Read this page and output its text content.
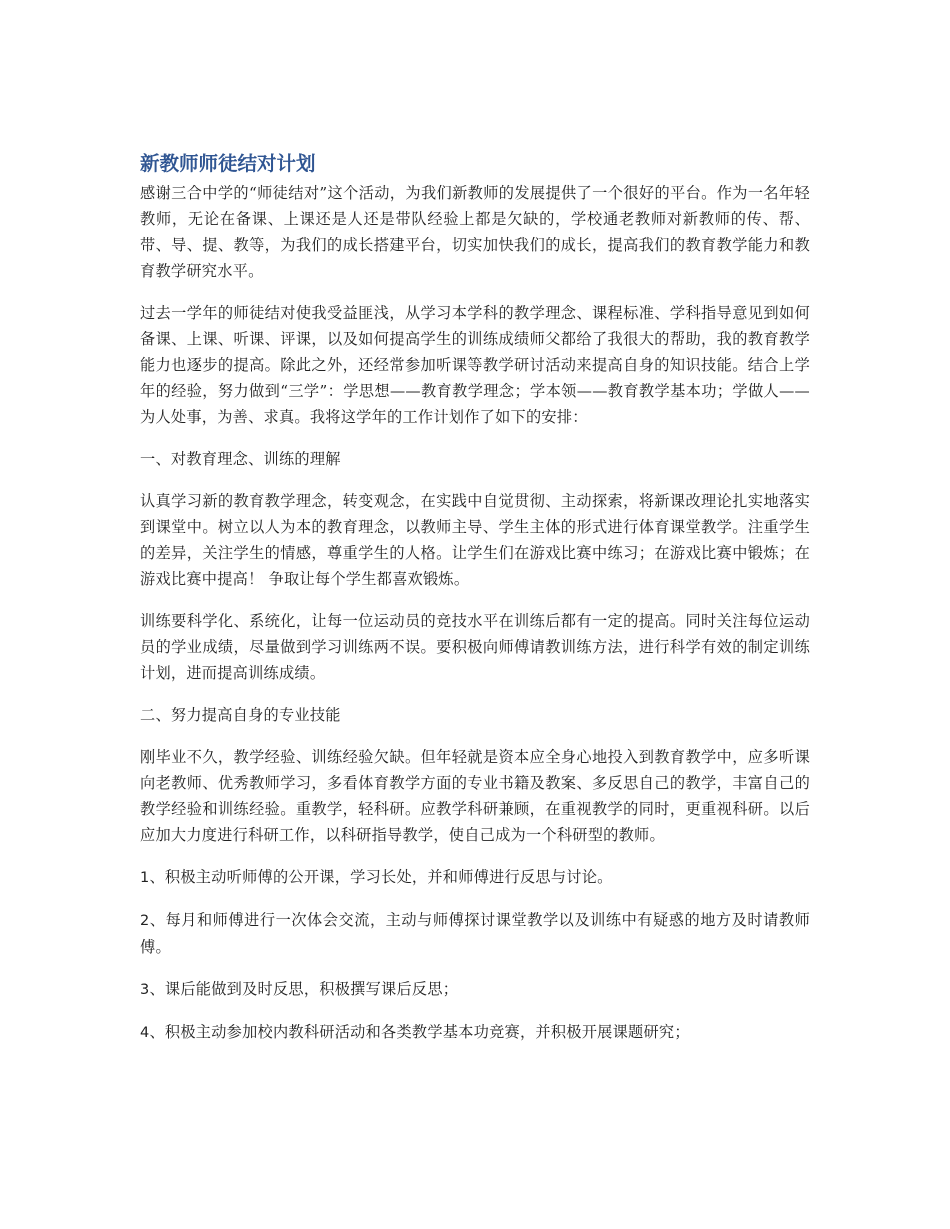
新教师师徒结对计划

感谢三合中学的“师徒结对”这个活动，为我们新教师的发展提供了一个很好的平台。作为一名年轻教师，无论在备课、上课还是人还是带队经验上都是欠缺的，学校通老教师对新教师的传、帮、带、导、提、教等，为我们的成长搭建平台，切实加快我们的成长，提高我们的教育教学能力和教育教学研究水平。

过去一学年的师徒结对使我受益匪浅，从学习本学科的教学理念、课程标准、学科指导意见到如何备课、上课、听课、评课，以及如何提高学生的训练成绩师父都给了我很大的帮助，我的教育教学能力也逐步的提高。除此之外，还经常参加听课等教学研讨活动来提高自身的知识技能。结合上学年的经验，努力做到“三学”：学思想——教育教学理念；学本领——教育教学基本功；学做人——为人处事，为善、求真。我将这学年的工作计划作了如下的安排：

一、对教育理念、训练的理解

认真学习新的教育教学理念，转变观念，在实践中自觉贯彻、主动探索，将新课改理论扎实地落实到课堂中。树立以人为本的教育理念，以教师主导、学生主体的形式进行体育课堂教学。注重学生的差异，关注学生的情感，尊重学生的人格。让学生们在游戏比赛中练习；在游戏比赛中锻炼；在游戏比赛中提高！ 争取让每个学生都喜欢锻炼。

训练要科学化、系统化，让每一位运动员的竞技水平在训练后都有一定的提高。同时关注每位运动员的学业成绩，尽量做到学习训练两不误。要积极向师傅请教训练方法，进行科学有效的制定训练计划，进而提高训练成绩。

二、努力提高自身的专业技能

刚毕业不久，教学经验、训练经验欠缺。但年轻就是资本应全身心地投入到教育教学中，应多听课向老教师、优秀教师学习，多看体育教学方面的专业书籍及教案、多反思自己的教学，丰富自己的教学经验和训练经验。重教学，轻科研。应教学科研兼顾，在重视教学的同时，更重视科研。以后应加大力度进行科研工作，以科研指导教学，使自己成为一个科研型的教师。

1、积极主动听师傅的公开课，学习长处，并和师傅进行反思与讨论。

2、每月和师傅进行一次体会交流，主动与师傅探讨课堂教学以及训练中有疑惑的地方及时请教师傅。

3、课后能做到及时反思，积极撰写课后反思；

4、积极主动参加校内教科研活动和各类教学基本功竞赛，并积极开展课题研究；
